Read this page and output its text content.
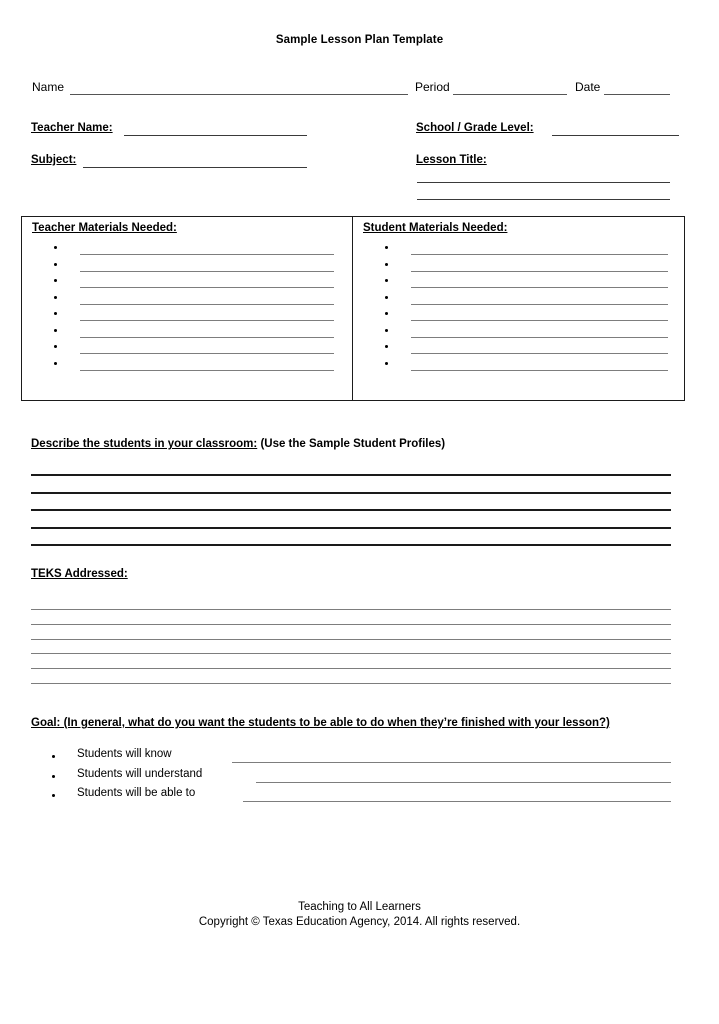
Sample Lesson Plan Template
Name	Period	Date
Teacher Name:	School / Grade Level:
Subject:	Lesson Title:
Teacher Materials Needed:	Student Materials Needed:
Describe the students in your classroom: (Use the Sample Student Profiles)
TEKS Addressed:
Goal: (In general, what do you want the students to be able to do when they’re finished with your lesson?)
Students will know
Students will understand
Students will be able to
Teaching to All Learners
Copyright © Texas Education Agency, 2014. All rights reserved.
